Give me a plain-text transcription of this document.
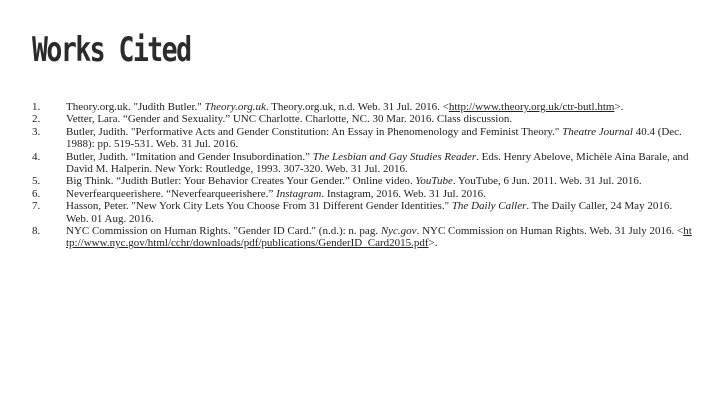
Works Cited
1.	Theory.org.uk. "Judith Butler." Theory.org.uk. Theory.org.uk, n.d. Web. 31 Jul. 2016. <http://www.theory.org.uk/ctr-butl.htm>.
2.	Vetter, Lara. “Gender and Sexuality.” UNC Charlotte. Charlotte, NC. 30 Mar. 2016. Class discussion.
3.	Butler, Judith. "Performative Acts and Gender Constitution: An Essay in Phenomenology and Feminist Theory." Theatre Journal 40.4 (Dec. 1988): pp. 519-531. Web. 31 Jul. 2016.
4.	Butler, Judith. “Imitation and Gender Insubordination.” The Lesbian and Gay Studies Reader. Eds. Henry Abelove, Michèle Aina Barale, and David M. Halperin. New York: Routledge, 1993. 307-320. Web. 31 Jul. 2016.
5.	Big Think. “Judith Butler: Your Behavior Creates Your Gender.” Online video. YouTube. YouTube, 6 Jun. 2011. Web. 31 Jul. 2016.
6.	Neverfearqueerishere. “Neverfearqueerishere.” Instagram. Instagram, 2016. Web. 31 Jul. 2016.
7.	Hasson, Peter. "New York City Lets You Choose From 31 Different Gender Identities." The Daily Caller. The Daily Caller, 24 May 2016. Web. 01 Aug. 2016.
8.	NYC Commission on Human Rights. "Gender ID Card." (n.d.): n. pag. Nyc.gov. NYC Commission on Human Rights. Web. 31 July 2016. <http://www.nyc.gov/html/cchr/downloads/pdf/publications/GenderID_Card2015.pdf>.
